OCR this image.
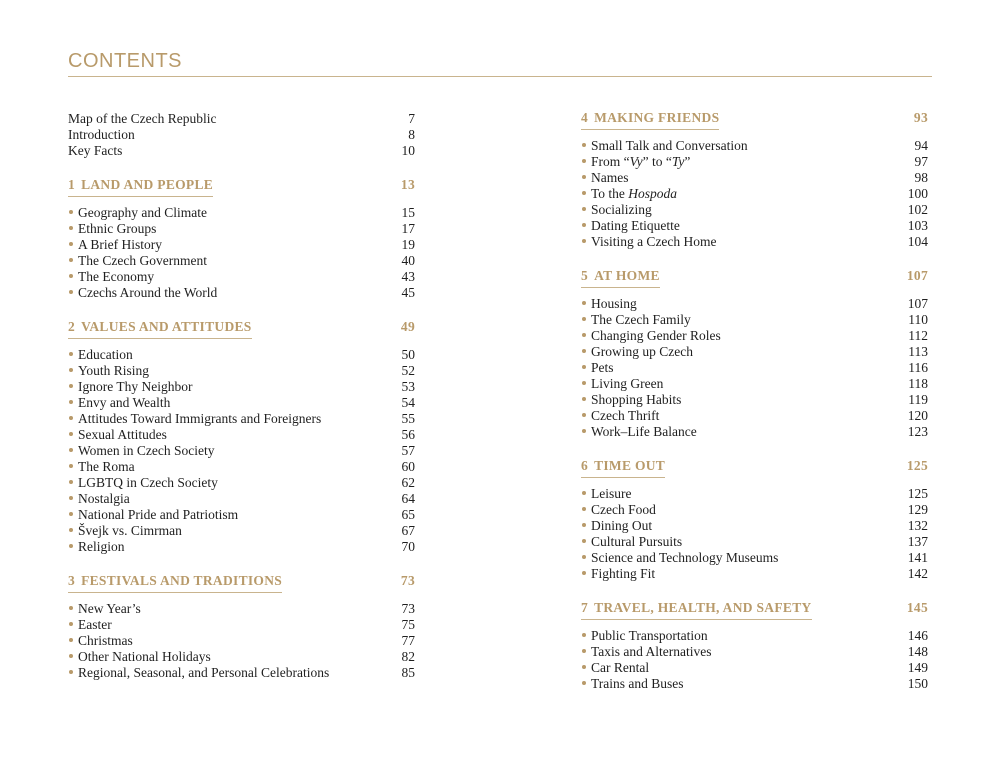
CONTENTS
Map of the Czech Republic	7
Introduction	8
Key Facts	10
1 LAND AND PEOPLE	13
Geography and Climate	15
Ethnic Groups	17
A Brief History	19
The Czech Government	40
The Economy	43
Czechs Around the World	45
2 VALUES AND ATTITUDES	49
Education	50
Youth Rising	52
Ignore Thy Neighbor	53
Envy and Wealth	54
Attitudes Toward Immigrants and Foreigners	55
Sexual Attitudes	56
Women in Czech Society	57
The Roma	60
LGBTQ in Czech Society	62
Nostalgia	64
National Pride and Patriotism	65
Švejk vs. Cimrman	67
Religion	70
3 FESTIVALS AND TRADITIONS	73
New Year’s	73
Easter	75
Christmas	77
Other National Holidays	82
Regional, Seasonal, and Personal Celebrations	85
4 MAKING FRIENDS	93
Small Talk and Conversation	94
From “Vy” to “Ty”	97
Names	98
To the Hospoda	100
Socializing	102
Dating Etiquette	103
Visiting a Czech Home	104
5 AT HOME	107
Housing	107
The Czech Family	110
Changing Gender Roles	112
Growing up Czech	113
Pets	116
Living Green	118
Shopping Habits	119
Czech Thrift	120
Work–Life Balance	123
6 TIME OUT	125
Leisure	125
Czech Food	129
Dining Out	132
Cultural Pursuits	137
Science and Technology Museums	141
Fighting Fit	142
7 TRAVEL, HEALTH, AND SAFETY	145
Public Transportation	146
Taxis and Alternatives	148
Car Rental	149
Trains and Buses	150
